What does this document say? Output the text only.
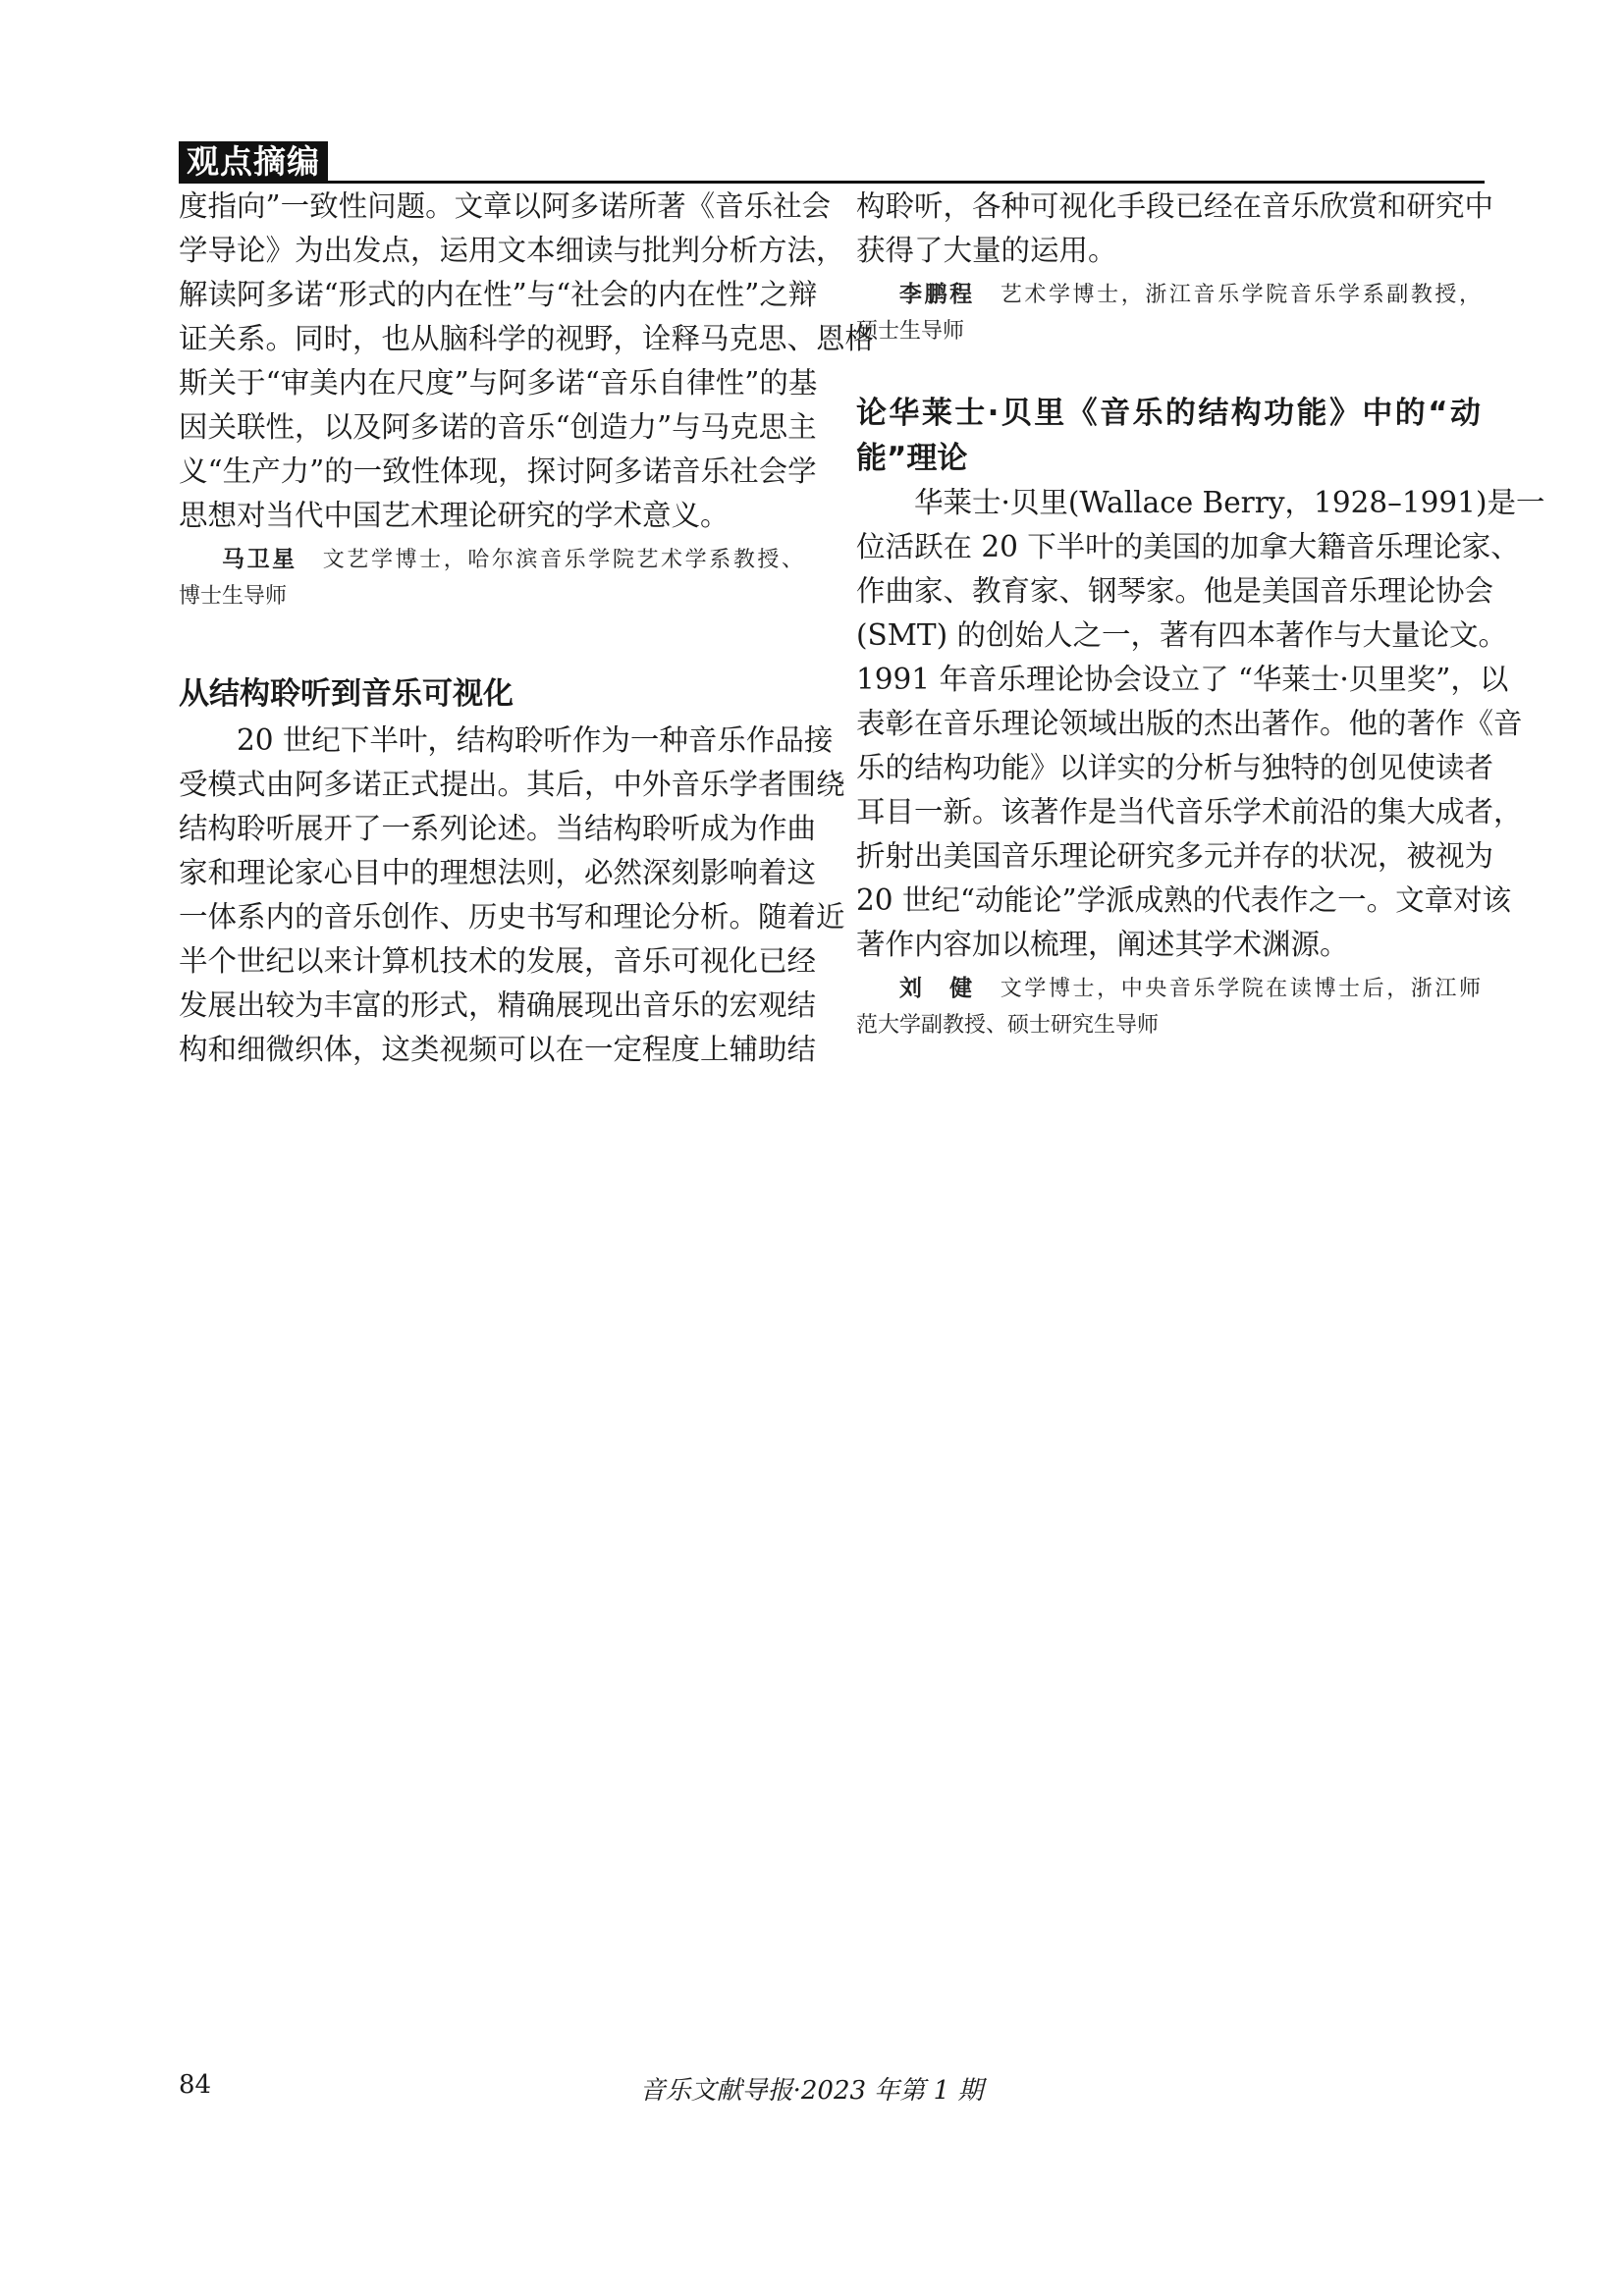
观点摘编

度指向”一致性问题。文章以阿多诺所著《音乐社会

学导论》为出发点，运用文本细读与批判分析方法，

解读阿多诺“形式的内在性”与“社会的内在性”之辩

证关系。同时，也从脑科学的视野，诠释马克思、恩格

斯关于“审美内在尺度”与阿多诺“音乐自律性”的基

因关联性，以及阿多诺的音乐“创造力”与马克思主

义“生产力”的一致性体现，探讨阿多诺音乐社会学

思想对当代中国艺术理论研究的学术意义。

马卫星 文艺学博士，哈尔滨音乐学院艺术学系教授、
博士生导师
从结构聆听到音乐可视化

20 世纪下半叶，结构聆听作为一种音乐作品接

受模式由阿多诺正式提出。其后，中外音乐学者围绕

结构聆听展开了一系列论述。当结构聆听成为作曲

家和理论家心目中的理想法则，必然深刻影响着这

一体系内的音乐创作、历史书写和理论分析。随着近

半个世纪以来计算机技术的发展，音乐可视化已经

发展出较为丰富的形式，精确展现出音乐的宏观结

构和细微织体，这类视频可以在一定程度上辅助结

构聆听，各种可视化手段已经在音乐欣赏和研究中

获得了大量的运用。

李鹏程 艺术学博士，浙江音乐学院音乐学系副教授，
硕士生导师
论华莱士·贝里《音乐的结构功能》中的“动
能”理论

华莱士·贝里(Wallace Berry，1928–1991)是一

位活跃在 20 下半叶的美国的加拿大籍音乐理论家、

作曲家、教育家、钢琴家。他是美国音乐理论协会

(SMT) 的创始人之一，著有四本著作与大量论文。

1991 年音乐理论协会设立了 “华莱士·贝里奖”，以

表彰在音乐理论领域出版的杰出著作。他的著作《音

乐的结构功能》以详实的分析与独特的创见使读者

耳目一新。该著作是当代音乐学术前沿的集大成者，

折射出美国音乐理论研究多元并存的状况，被视为

20 世纪“动能论”学派成熟的代表作之一。文章对该

著作内容加以梳理，阐述其学术渊源。

刘　健 文学博士，中央音乐学院在读博士后，浙江师
范大学副教授、硕士研究生导师
84	音乐文献导报·2023 年第 1 期
